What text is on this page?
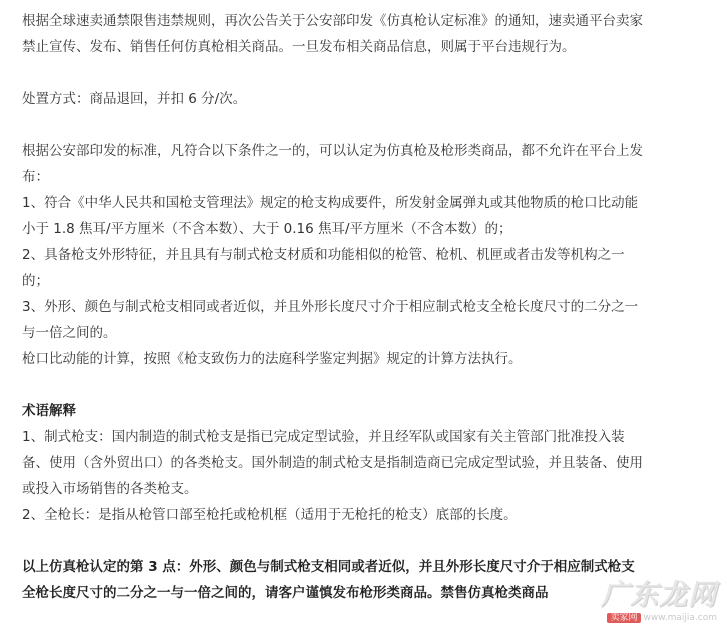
根据全球速卖通禁限售违禁规则，再次公告关于公安部印发《仿真枪认定标准》的通知，速卖通平台卖家
禁止宣传、发布、销售任何仿真枪相关商品。一旦发布相关商品信息，则属于平台违规行为。
处置方式：商品退回，并扣 6 分/次。
根据公安部印发的标准，凡符合以下条件之一的，可以认定为仿真枪及枪形类商品，都不允许在平台上发
布：
1、符合《中华人民共和国枪支管理法》规定的枪支构成要件，所发射金属弹丸或其他物质的枪口比动能
小于 1.8 焦耳/平方厘米（不含本数）、大于 0.16 焦耳/平方厘米（不含本数）的；
2、具备枪支外形特征，并且具有与制式枪支材质和功能相似的枪管、枪机、机匣或者击发等机构之一
的；
3、外形、颜色与制式枪支相同或者近似，并且外形长度尺寸介于相应制式枪支全枪长度尺寸的二分之一
与一倍之间的。
枪口比动能的计算，按照《枪支致伤力的法庭科学鉴定判据》规定的计算方法执行。
术语解释
1、制式枪支：国内制造的制式枪支是指已完成定型试验，并且经军队或国家有关主管部门批准投入装
备、使用（含外贸出口）的各类枪支。国外制造的制式枪支是指制造商已完成定型试验，并且装备、使用
或投入市场销售的各类枪支。
2、全枪长：是指从枪管口部至枪托或枪机框（适用于无枪托的枪支）底部的长度。
以上仿真枪认定的第 3 点：外形、颜色与制式枪支相同或者近似，并且外形长度尺寸介于相应制式枪支
全枪长度尺寸的二分之一与一倍之间的，请客户谨慎发布枪形类商品。禁售仿真枪类商品	广东龙网
卖家网 www.maijia.com
